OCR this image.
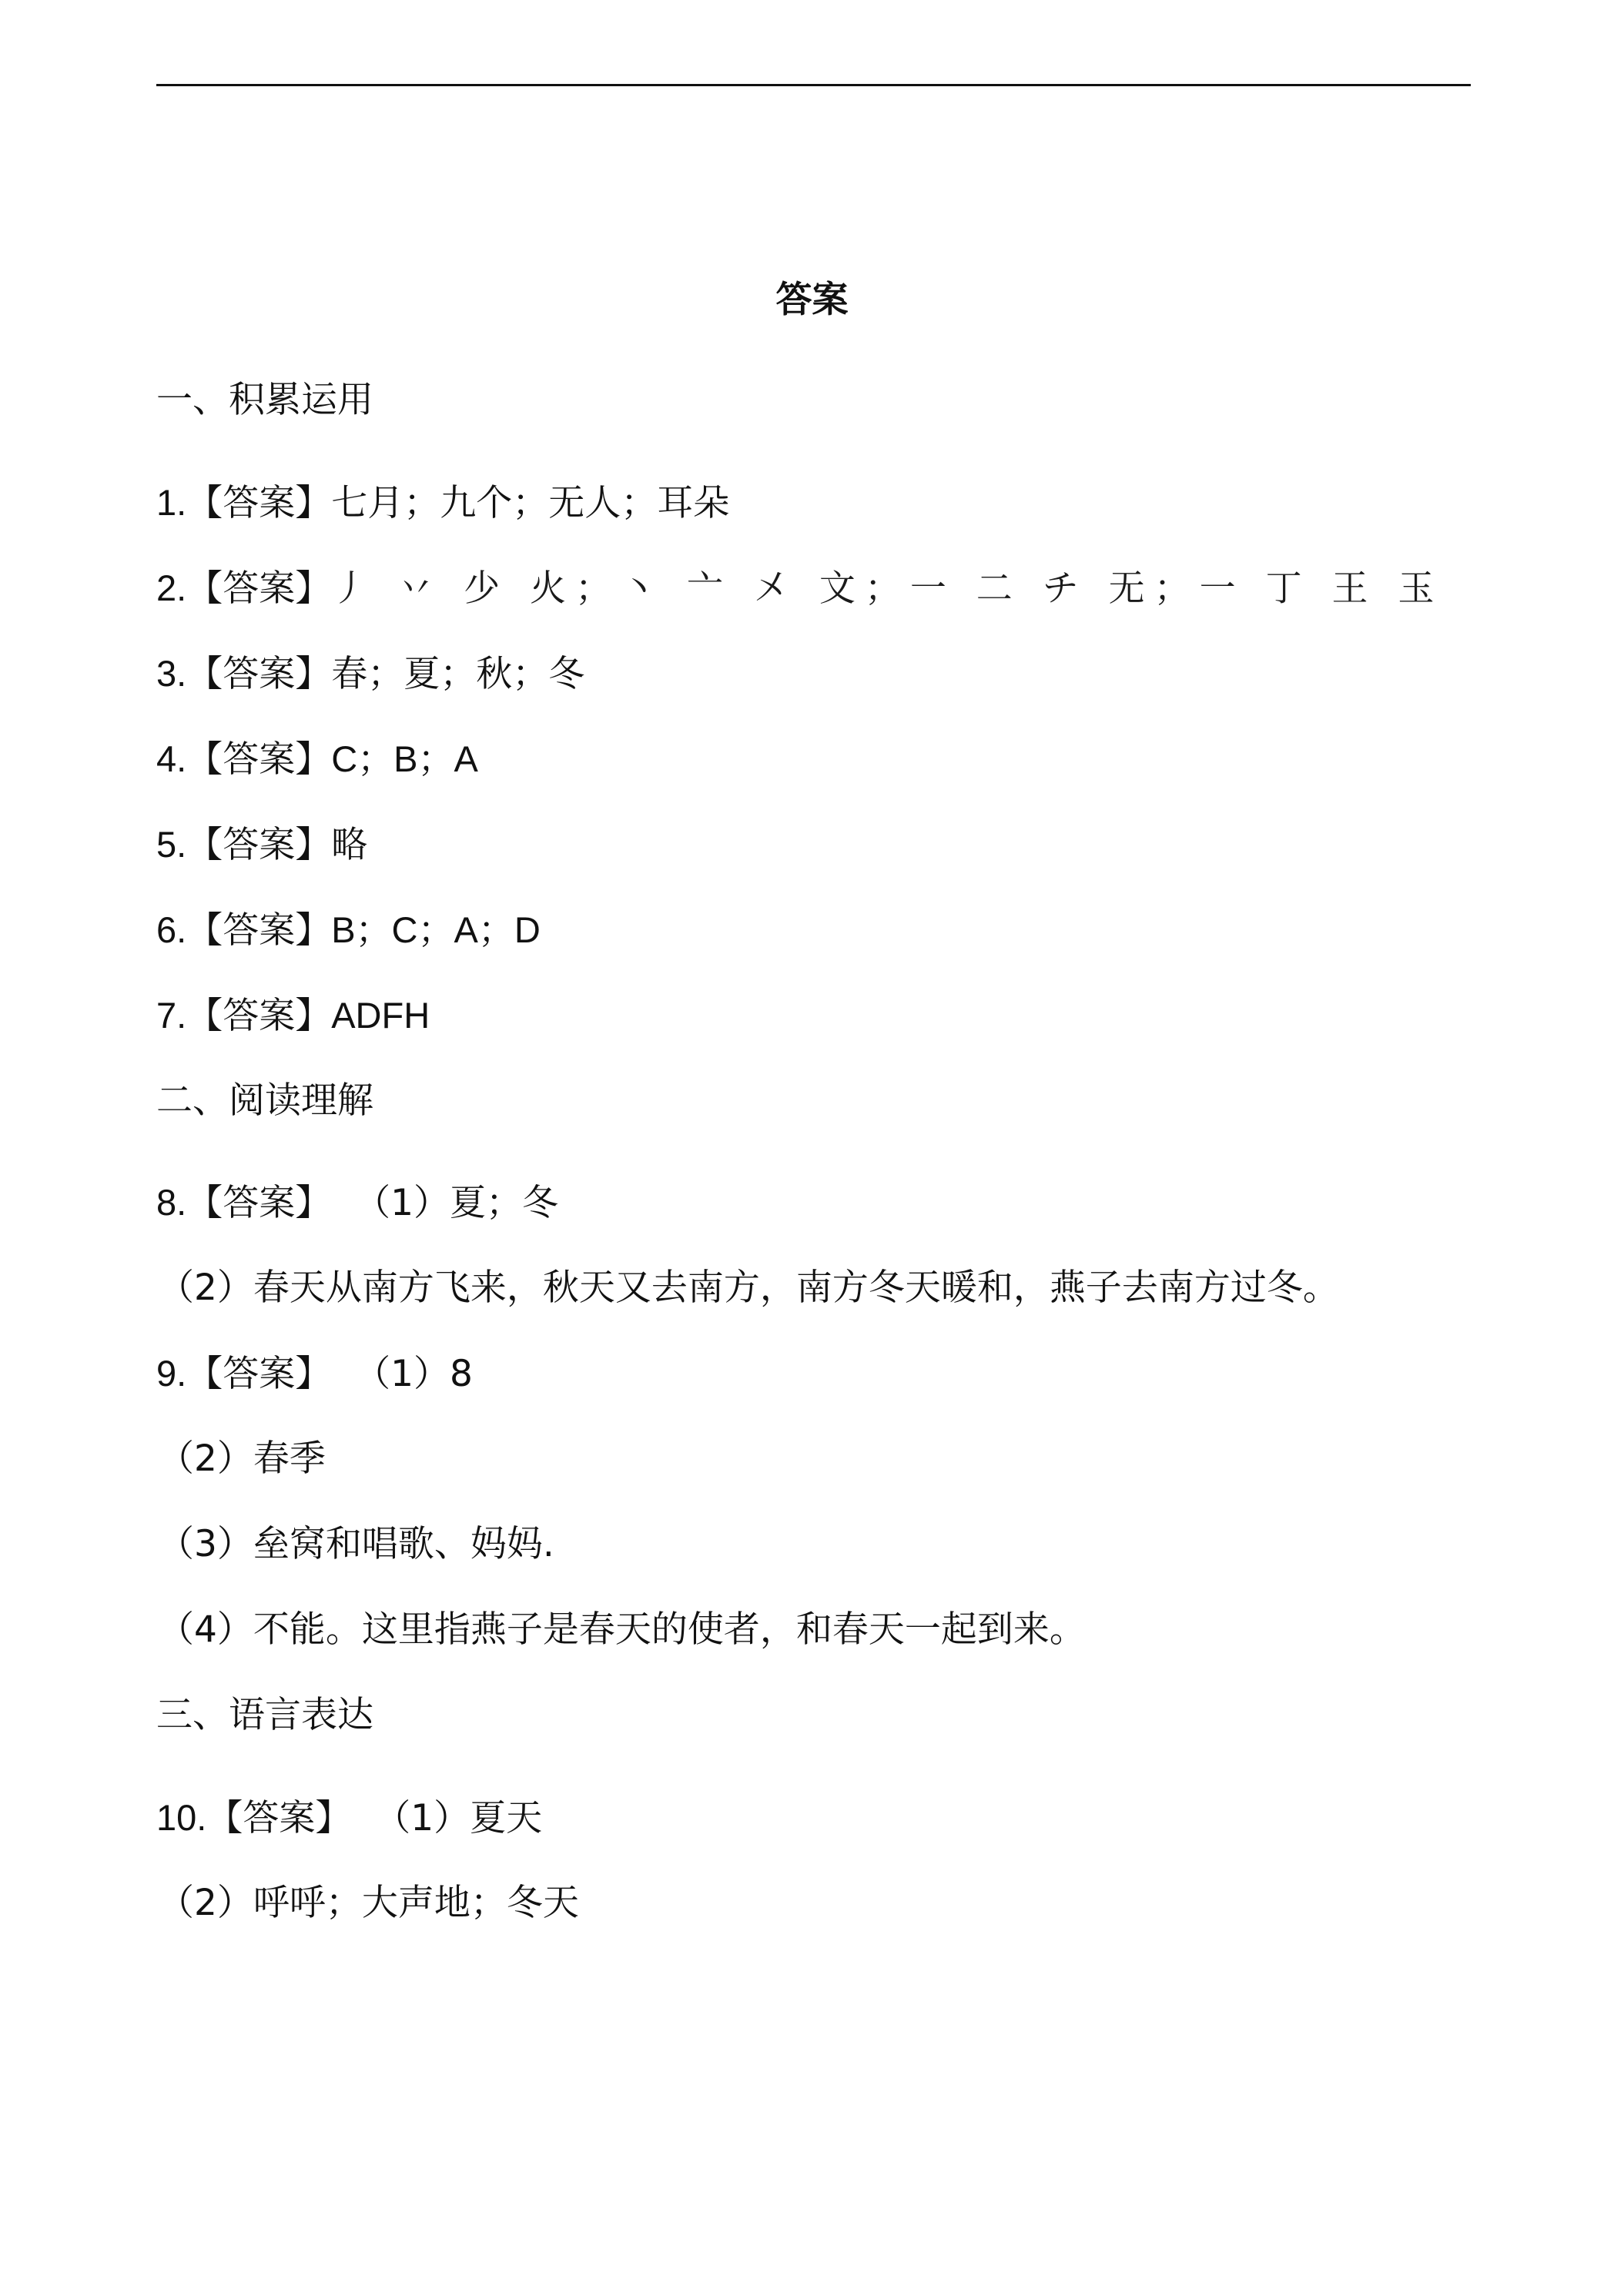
答案
一、积累运用
1.【答案】七月；九个；无人；耳朵
2.【答案】丿 丷 少 火；丶 亠 㐅 文；一 二 チ 无；一 丁 王 玉
3.【答案】春；夏；秋；冬
4.【答案】C；B；A
5.【答案】略
6.【答案】B；C；A；D
7.【答案】ADFH
二、阅读理解
8.【答案】 （1）夏；冬
（2）春天从南方飞来，秋天又去南方，南方冬天暖和，燕子去南方过冬。
9.【答案】 （1）8
（2）春季
（3）垒窝和唱歌、妈妈.
（4）不能。这里指燕子是春天的使者，和春天一起到来。
三、语言表达
10.【答案】 （1）夏天
（2）呼呼；大声地；冬天
